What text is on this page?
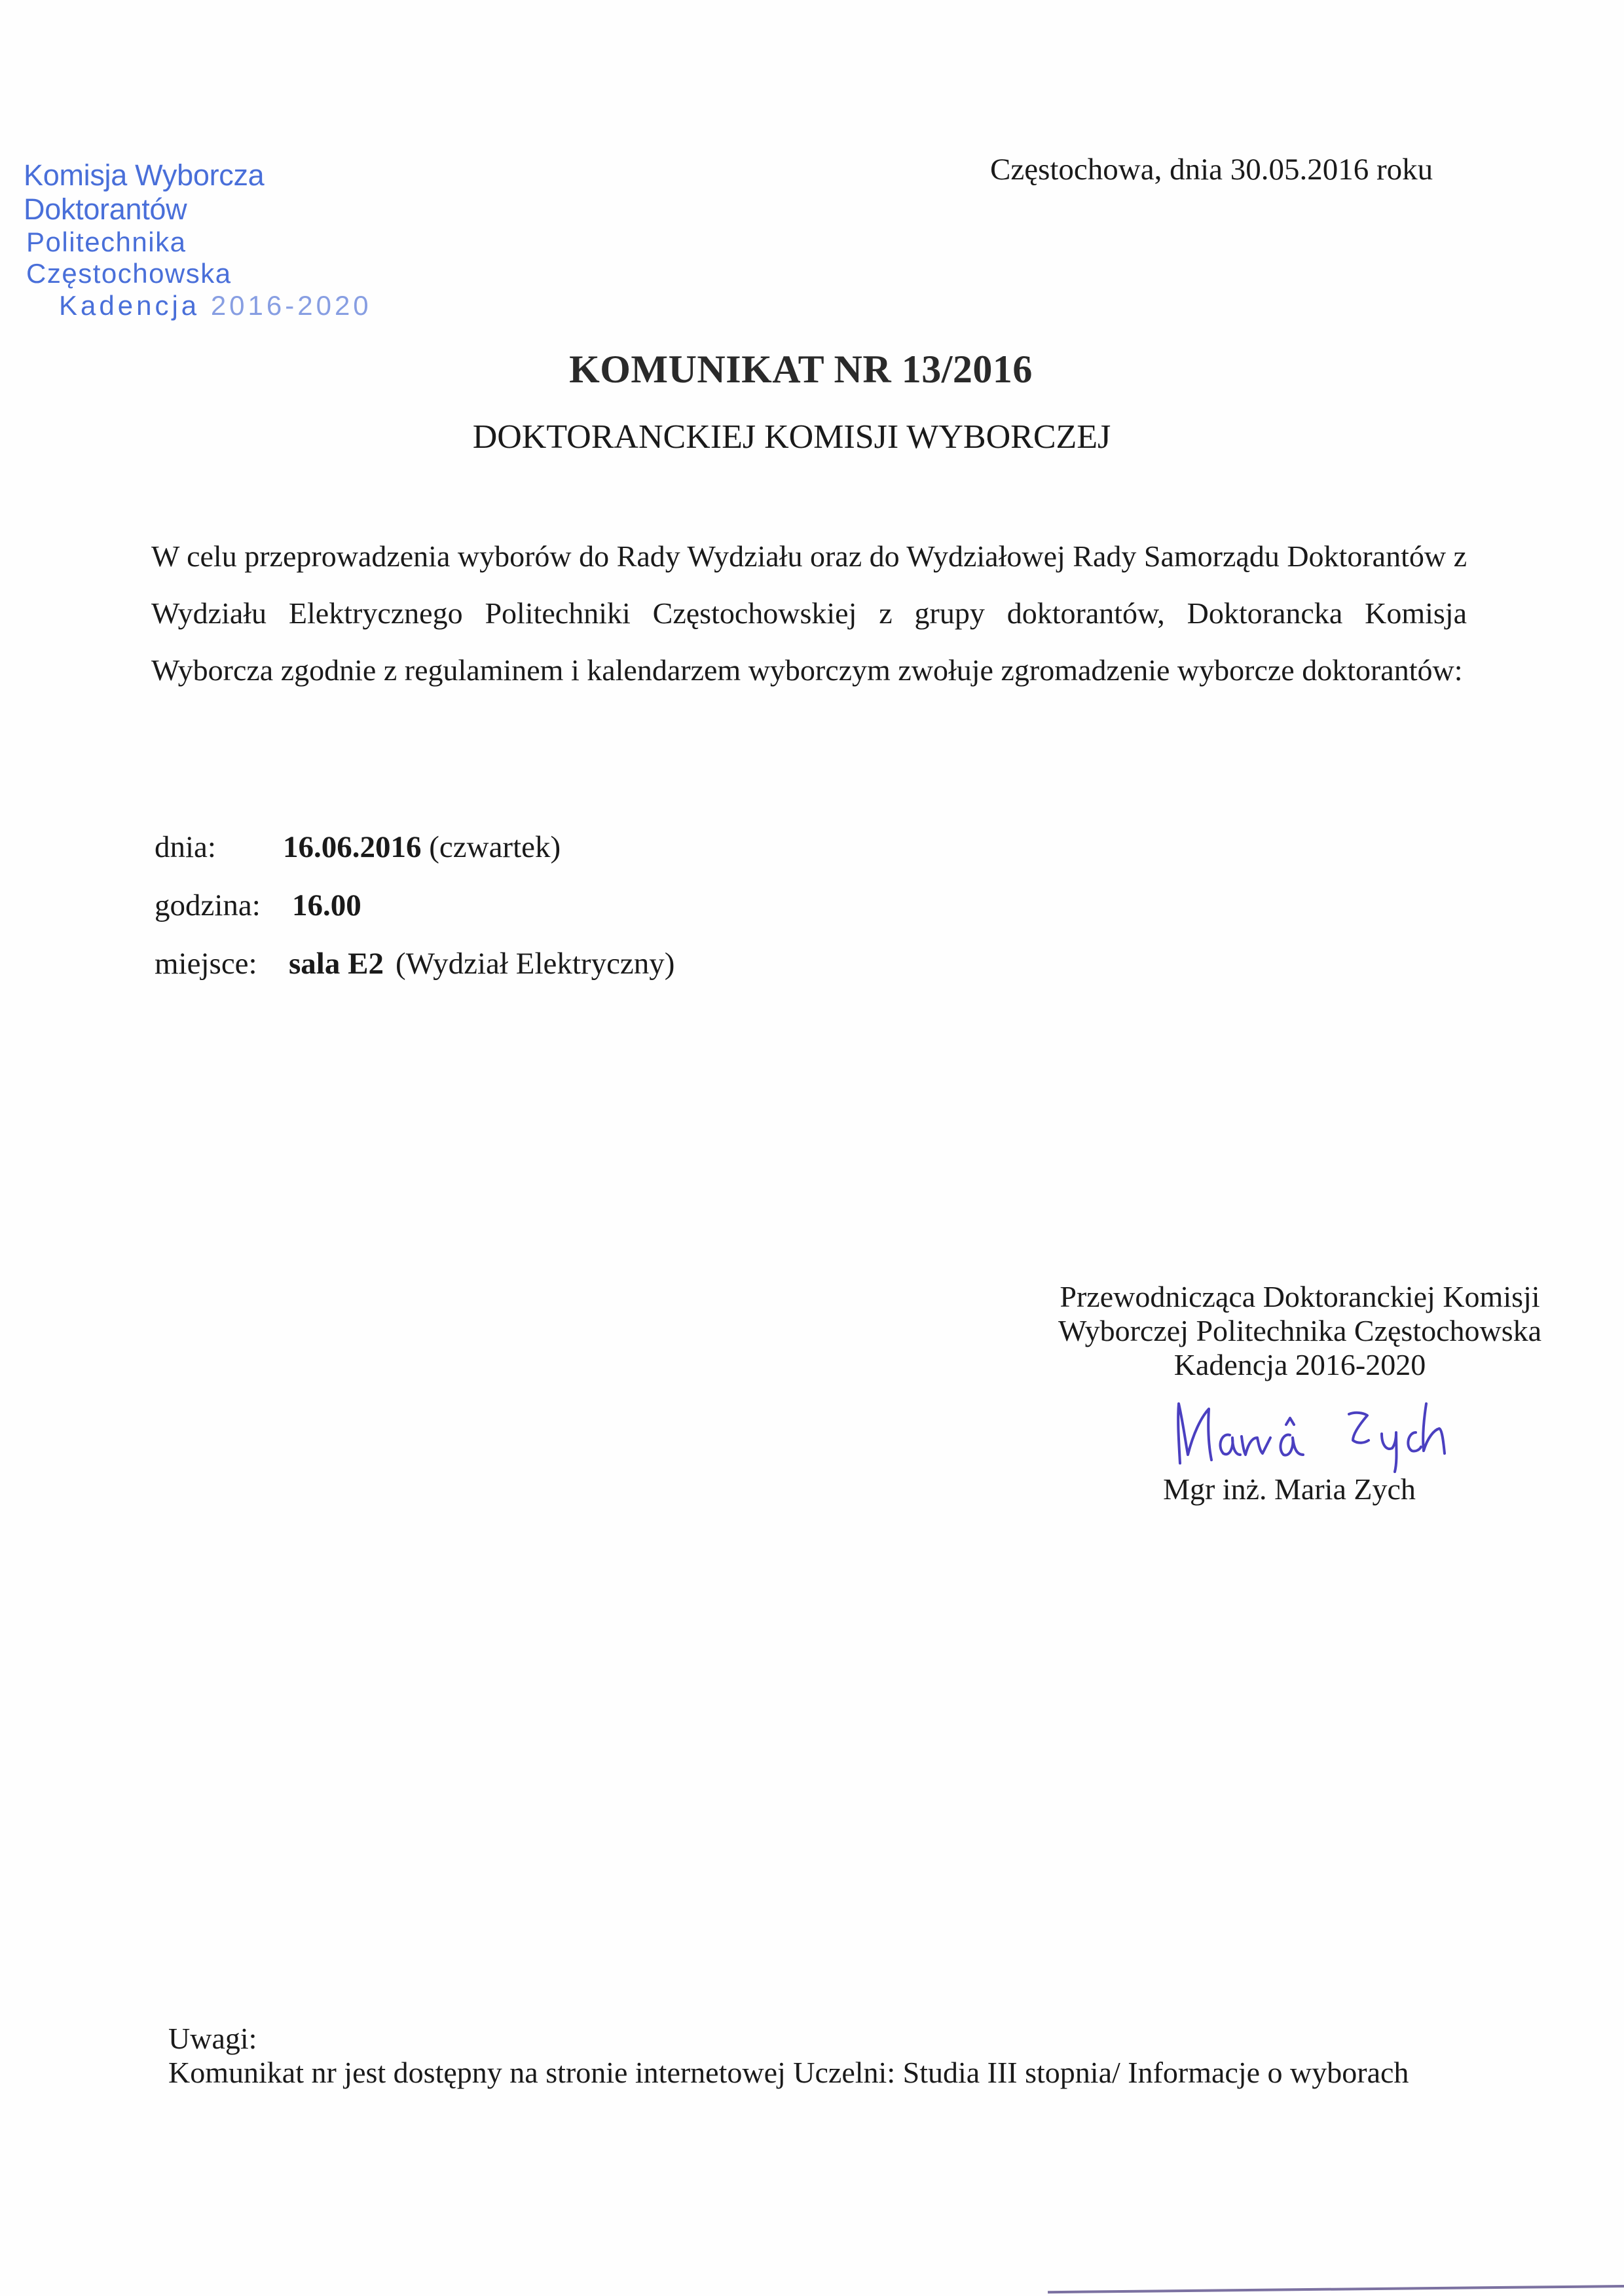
Komisja Wyborcza Doktorantów
Politechnika Częstochowska
Kadencja 2016-2020
Częstochowa, dnia 30.05.2016 roku
KOMUNIKAT NR 13/2016
DOKTORANCKIEJ KOMISJI WYBORCZEJ
W celu przeprowadzenia wyborów do Rady Wydziału oraz do Wydziałowej Rady Samorządu Doktorantów z Wydziału Elektrycznego Politechniki Częstochowskiej z grupy doktorantów, Doktorancka Komisja Wyborcza zgodnie z regulaminem i kalendarzem wyborczym zwołuje zgromadzenie wyborcze doktorantów:
dnia: 16.06.2016 (czwartek)
godzina: 16.00
miejsce: sala E2 (Wydział Elektryczny)
Przewodnicząca Doktoranckiej Komisji
Wyborczej Politechnika Częstochowska
Kadencja 2016-2020
Mgr inż. Maria Zych
Uwagi:
Komunikat nr jest dostępny na stronie internetowej Uczelni: Studia III stopnia/ Informacje o wyborach
